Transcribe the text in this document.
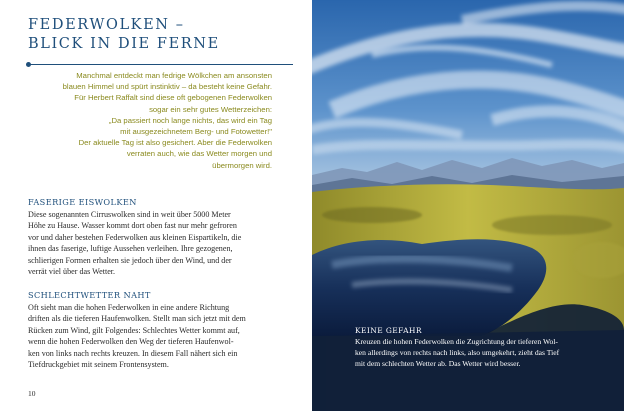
FEDERWOLKEN –
BLICK IN DIE FERNE
Manchmal entdeckt man fedrige Wölkchen am ansonsten
blauen Himmel und spürt instinktiv – da besteht keine Gefahr.
Für Herbert Raffalt sind diese oft gebogenen Federwolken
sogar ein sehr gutes Wetterzeichen:
„Da passiert noch lange nichts, das wird ein Tag
mit ausgezeichnetem Berg- und Fotowetter!"
Der aktuelle Tag ist also gesichert. Aber die Federwolken
verraten auch, wie das Wetter morgen und
übermorgen wird.
FASERIGE EISWOLKEN

Diese sogenannten Cirruswolken sind in weit über 5000 Meter
Höhe zu Hause. Wasser kommt dort oben fast nur mehr gefroren
vor und daher bestehen Federwolken aus kleinen Eispartikeln, die
ihnen das faserige, luftige Aussehen verleihen. Ihre gezogenen,
schlierigen Formen erhalten sie jedoch über den Wind, und der
verrät viel über das Wetter.

SCHLECHTWETTER NAHT

Oft sieht man die hohen Federwolken in eine andere Richtung
driften als die tieferen Haufenwolken. Stellt man sich jetzt mit dem
Rücken zum Wind, gilt Folgendes: Schlechtes Wetter kommt auf,
wenn die hohen Federwolken den Weg der tieferen Haufenwol-
ken von links nach rechts kreuzen. In diesem Fall nähert sich ein
Tiefdruckgebiet mit seinem Frontensystem.

10
KEINE GEFAHR

Kreuzen die hohen Federwolken die Zugrichtung der tieferen Wol-
ken allerdings von rechts nach links, also umgekehrt, zieht das Tief
mit dem schlechten Wetter ab. Das Wetter wird besser.
